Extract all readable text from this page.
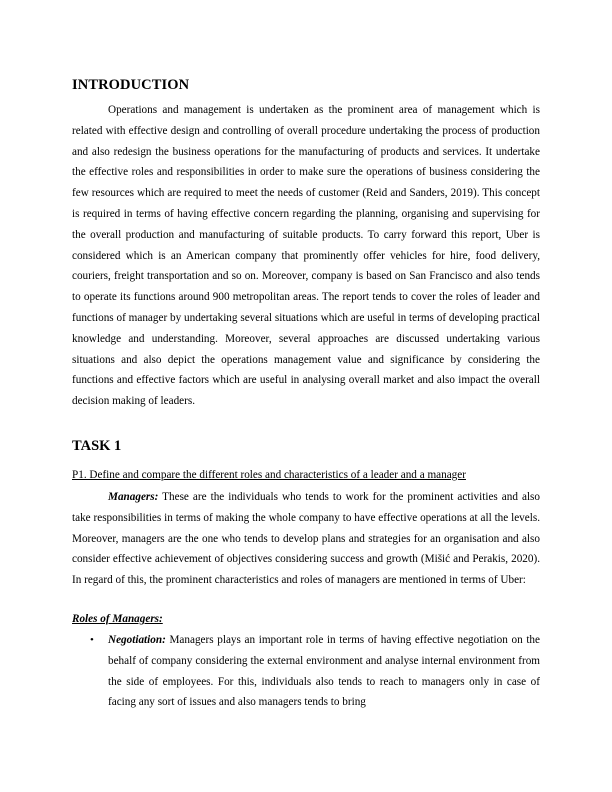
INTRODUCTION

Operations and management is undertaken as the prominent area of management which is related with effective design and controlling of overall procedure undertaking the process of production and also redesign the business operations for the manufacturing of products and services. It undertake the effective roles and responsibilities in order to make sure the operations of business considering the few resources which are required to meet the needs of customer (Reid and Sanders, 2019). This concept is required in terms of having effective concern regarding the planning, organising and supervising for the overall production and manufacturing of suitable products. To carry forward this report, Uber is considered which is an American company that prominently offer vehicles for hire, food delivery, couriers, freight transportation and so on. Moreover, company is based on San Francisco and also tends to operate its functions around 900 metropolitan areas. The report tends to cover the roles of leader and functions of manager by undertaking several situations which are useful in terms of developing practical knowledge and understanding. Moreover, several approaches are discussed undertaking various situations and also depict the operations management value and significance by considering the functions and effective factors which are useful in analysing overall market and also impact the overall decision making of leaders.

TASK 1

P1. Define and compare the different roles and characteristics of a leader and a manager

Managers: These are the individuals who tends to work for the prominent activities and also take responsibilities in terms of making the whole company to have effective operations at all the levels. Moreover, managers are the one who tends to develop plans and strategies for an organisation and also consider effective achievement of objectives considering success and growth (Mišić and Perakis, 2020). In regard of this, the prominent characteristics and roles of managers are mentioned in terms of Uber:

Roles of Managers:

• Negotiation: Managers plays an important role in terms of having effective negotiation on the behalf of company considering the external environment and analyse internal environment from the side of employees. For this, individuals also tends to reach to managers only in case of facing any sort of issues and also managers tends to bring
